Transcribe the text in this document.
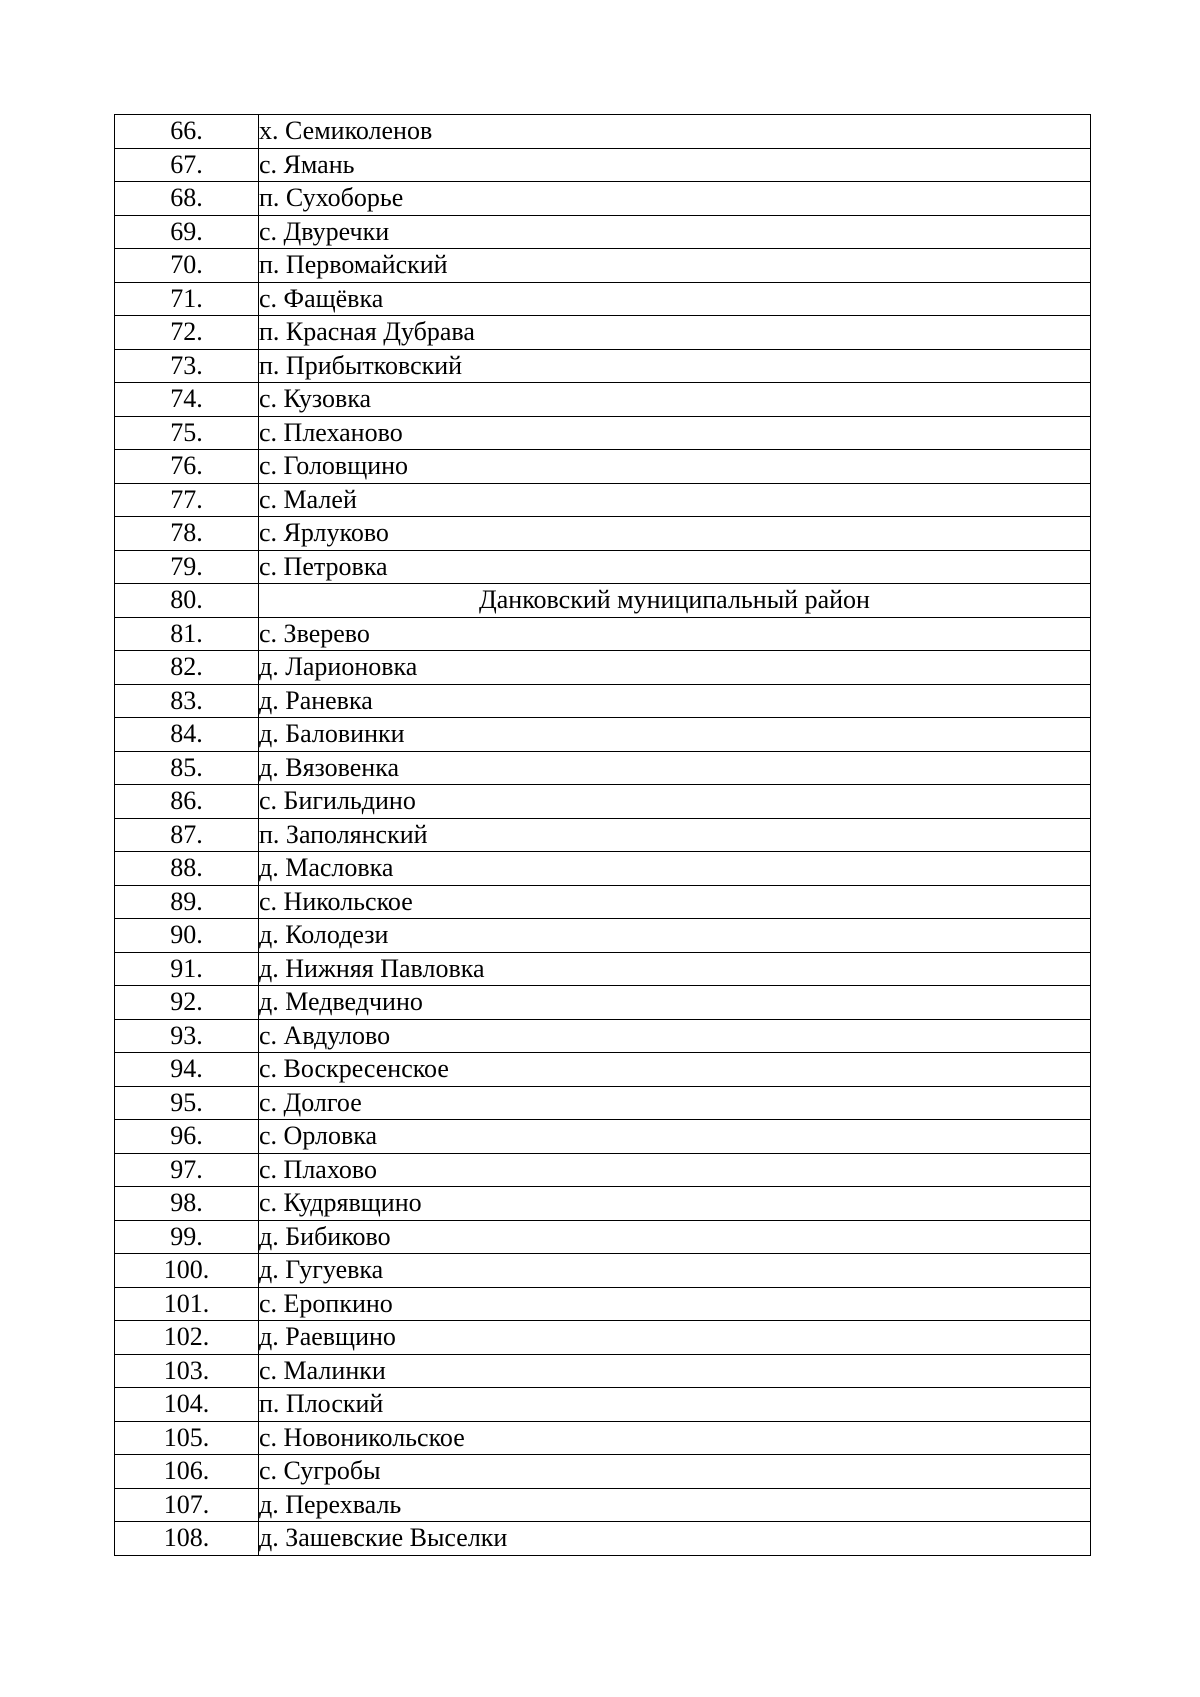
66.	х. Семиколенов
67.	с. Ямань
68.	п. Сухоборье
69.	с. Двуречки
70.	п. Первомайский
71.	с. Фащёвка
72.	п. Красная Дубрава
73.	п. Прибытковский
74.	с. Кузовка
75.	с. Плеханово
76.	с. Головщино
77.	с. Малей
78.	с. Ярлуково
79.	с. Петровка
80.	Данковский муниципальный район
81.	с. Зверево
82.	д. Ларионовка
83.	д. Раневка
84.	д. Баловинки
85.	д. Вязовенка
86.	с. Бигильдино
87.	п. Заполянский
88.	д. Масловка
89.	с. Никольское
90.	д. Колодези
91.	д. Нижняя Павловка
92.	д. Медведчино
93.	с. Авдулово
94.	с. Воскресенское
95.	с. Долгое
96.	с. Орловка
97.	с. Плахово
98.	с. Кудрявщино
99.	д. Бибиково
100.	д. Гугуевка
101.	с. Еропкино
102.	д. Раевщино
103.	с. Малинки
104.	п. Плоский
105.	с. Новоникольское
106.	с. Сугробы
107.	д. Перехваль
108.	д. Зашевские Выселки
